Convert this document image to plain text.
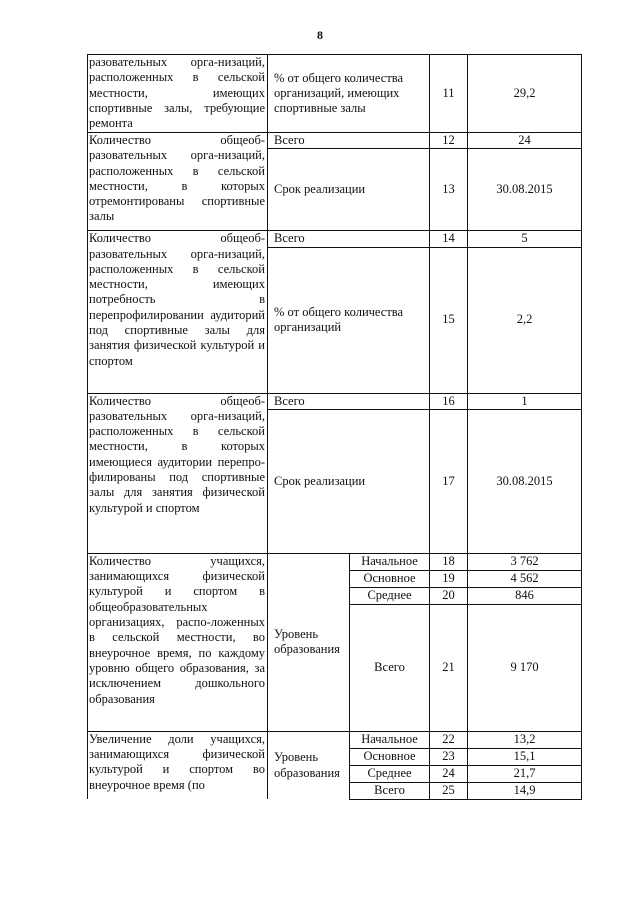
8
разовательных орга-низаций, расположенных в сельской местности, имеющих спортивные залы, требующие ремонта	% от общего количества организаций, имеющих спортивные залы		11	29,2
Количество общеоб-разовательных орга-низаций, расположенных в сельской местности, в которых отремонтированы спортивные залы	Всего		12	24
	Срок реализации		13	30.08.2015
Количество общеоб-разовательных орга-низаций, расположенных в сельской местности, имеющих потребность в перепрофилировании аудиторий под спортивные залы для занятия физической культурой и спортом	Всего		14	5
	% от общего количества организаций		15	2,2
Количество общеоб-разовательных орга-низаций, расположенных в сельской местности, в которых имеющиеся аудитории перепро-филированы под спортивные залы для занятия физической культурой и спортом	Всего		16	1
	Срок реализации		17	30.08.2015
Количество учащихся, занимающихся физической культурой и спортом в общеобразовательных организациях, распо-ложенных в сельской местности, во внеурочное время, по каждому уровню общего образования, за исключением дошкольного образования	Уровень образования	Начальное	18	3 762
		Основное	19	4 562
		Среднее	20	846
		Всего	21	9 170
Увеличение доли учащихся, занимающихся физической культурой и спортом во внеурочное время (по	Уровень образования	Начальное	22	13,2
		Основное	23	15,1
		Среднее	24	21,7
		Всего	25	14,9
